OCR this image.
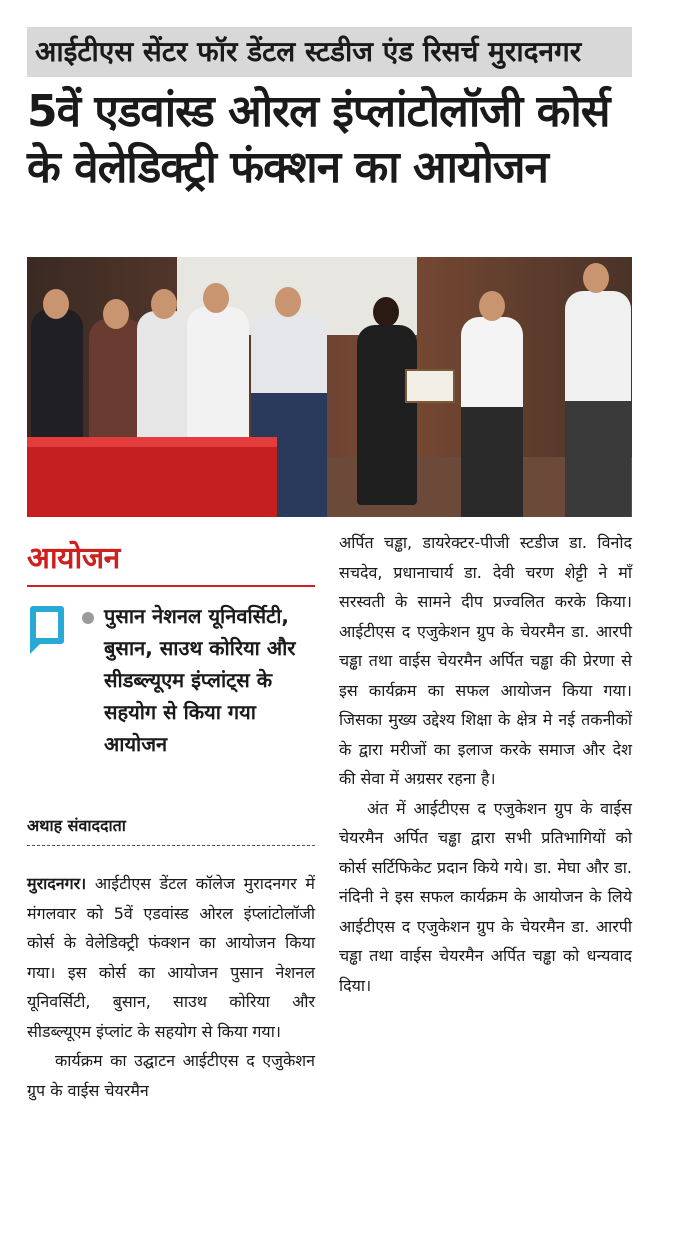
आईटीएस सेंटर फॉर डेंटल स्टडीज एंड रिसर्च मुरादनगर
5वें एडवांस्ड ओरल इंप्लांटोलॉजी कोर्स
के वेलेडिक्ट्री फंक्शन का आयोजन
आयोजन
पुसान नेशनल यूनिवर्सिटी, बुसान, साउथ कोरिया और सीडब्ल्यूएम इंप्लांट्स के सहयोग से किया गया आयोजन
अथाह संवाददाता

मुरादनगर। आईटीएस डेंटल कॉलेज मुरादनगर में मंगलवार को 5वें एडवांस्ड ओरल इंप्लांटोलॉजी कोर्स के वेलेडिक्ट्री फंक्शन का आयोजन किया गया। इस कोर्स का आयोजन पुसान नेशनल यूनिवर्सिटी, बुसान, साउथ कोरिया और सीडब्ल्यूएम इंप्लांट के सहयोग से किया गया।

कार्यक्रम का उद्घाटन आईटीएस द एजुकेशन ग्रुप के वाईस चेयरमैन

अर्पित चड्ढा, डायरेक्टर-पीजी स्टडीज डा. विनोद सचदेव, प्रधानाचार्य डा. देवी चरण शेट्टी ने माँ सरस्वती के सामने दीप प्रज्वलित करके किया। आईटीएस द एजुकेशन ग्रुप के चेयरमैन डा. आरपी चड्ढा तथा वाईस चेयरमैन अर्पित चड्ढा की प्रेरणा से इस कार्यक्रम का सफल आयोजन किया गया। जिसका मुख्य उद्देश्य शिक्षा के क्षेत्र मे नई तकनीकों के द्वारा मरीजों का इलाज करके समाज और देश की सेवा में अग्रसर रहना है।

अंत में आईटीएस द एजुकेशन ग्रुप के वाईस चेयरमैन अर्पित चड्ढा द्वारा सभी प्रतिभागियों को कोर्स सर्टिफिकेट प्रदान किये गये। डा. मेघा और डा. नंदिनी ने इस सफल कार्यक्रम के आयोजन के लिये आईटीएस द एजुकेशन ग्रुप के चेयरमैन डा. आरपी चड्ढा तथा वाईस चेयरमैन अर्पित चड्ढा को धन्यवाद दिया।
